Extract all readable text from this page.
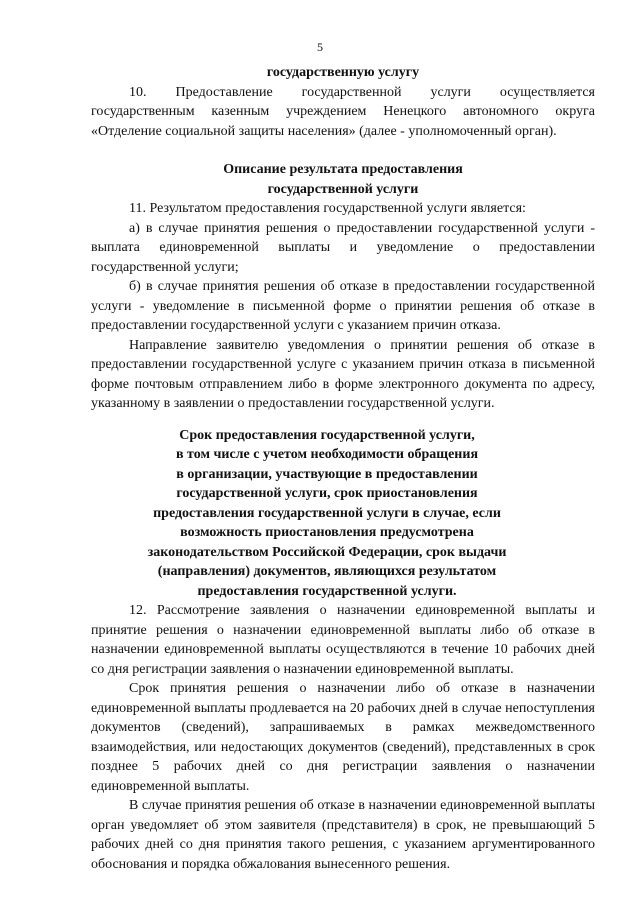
5
государственную услугу

10. Предоставление государственной услуги осуществляется государственным казенным учреждением Ненецкого автономного округа «Отделение социальной защиты населения» (далее - уполномоченный орган).

Описание результата предоставления
государственной услуги

11. Результатом предоставления государственной услуги является:

а) в случае принятия решения о предоставлении государственной услуги - выплата единовременной выплаты и уведомление о предоставлении государственной услуги;

б) в случае принятия решения об отказе в предоставлении государственной услуги - уведомление в письменной форме о принятии решения об отказе в предоставлении государственной услуги с указанием причин отказа.

Направление заявителю уведомления о принятии решения об отказе в предоставлении государственной услуге с указанием причин отказа в письменной форме почтовым отправлением либо в форме электронного документа по адресу, указанному в заявлении о предоставлении государственной услуги.

Срок предоставления государственной услуги,
в том числе с учетом необходимости обращения
в организации, участвующие в предоставлении
государственной услуги, срок приостановления
предоставления государственной услуги в случае, если
возможность приостановления предусмотрена
законодательством Российской Федерации, срок выдачи
(направления) документов, являющихся результатом
предоставления государственной услуги.

12. Рассмотрение заявления о назначении единовременной выплаты и принятие решения о назначении единовременной выплаты либо об отказе в назначении единовременной выплаты осуществляются в течение 10 рабочих дней со дня регистрации заявления о назначении единовременной выплаты.

Срок принятия решения о назначении либо об отказе в назначении единовременной выплаты продлевается на 20 рабочих дней в случае непоступления документов (сведений), запрашиваемых в рамках межведомственного взаимодействия, или недостающих документов (сведений), представленных в срок позднее 5 рабочих дней со дня регистрации заявления о назначении единовременной выплаты.

В случае принятия решения об отказе в назначении единовременной выплаты орган уведомляет об этом заявителя (представителя) в срок, не превышающий 5 рабочих дней со дня принятия такого решения, с указанием аргументированного обоснования и порядка обжалования вынесенного решения.
